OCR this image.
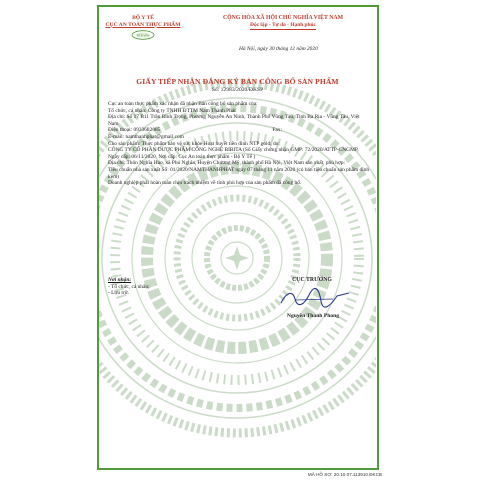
BỘ Y TẾ
CỤC AN TOÀN THỰC PHẨM
ĐTP VFA
CỘNG HÒA XÃ HỘI CHỦ NGHĨA VIỆT NAM
Độc lập - Tự do - Hạnh phúc
Hà Nội, ngày 30 tháng 12 năm 2020
GIẤY TIẾP NHẬN ĐĂNG KÝ BẢN CÔNG BỐ SẢN PHẨM
Số: 12983/2020/ĐKSP

Cục an toàn thực phẩm xác nhận đã nhận Bản công bố sản phẩm của:

Tổ chức, cá nhân: Công ty TNHH ĐTTM Nam Thành Phát

Địa chỉ: Số 17 B11 Trần Bình Trọng, Phường Nguyễn An Ninh, Thành Phố Vũng Tàu, Tỉnh Bà Rịa - Vũng Tàu, Việt Nam

Điện thoại: 0933682085	Fax:

E-mail: namthanhphat@gmail.com

Cho sản phẩm: Thực phẩm bảo vệ sức khỏe Hoạt huyết tiền đình NTP gold; do:

CÔNG TY CỔ PHẦN DƯỢC PHẨM CÔNG NGHỆ BIBITA (Số Giấy chứng nhận GMP: 72/2020/ATTP-CNGMP, Ngày cấp: 06/11/2020, Nơi cấp: Cục An toàn thực phẩm - Bộ Y Tế )

Địa chỉ: Thôn Nghĩa Hảo, xã Phú Nghĩa, Huyện Chương Mỹ, thành phố Hà Nội, Việt Nam sản xuất, phù hợp:

Tiêu chuẩn nhà sản xuất Số: 01/2020/NAMTHANHPHAT ngày 07 tháng 11 năm 2020 (có bản tiêu chuẩn sản phẩm đính kèm)

Doanh nghiệp phải hoàn toàn chịu trách nhiệm về tính phù hợp của sản phẩm đã công bố.

Nơi nhận:
- Tổ chức, cá nhân;
- Lưu trữ.
CỤC TRƯỞNG
Nguyễn Thanh Phong
MÃ HỒ SƠ: 20.10.07.113910.ĐKCB
